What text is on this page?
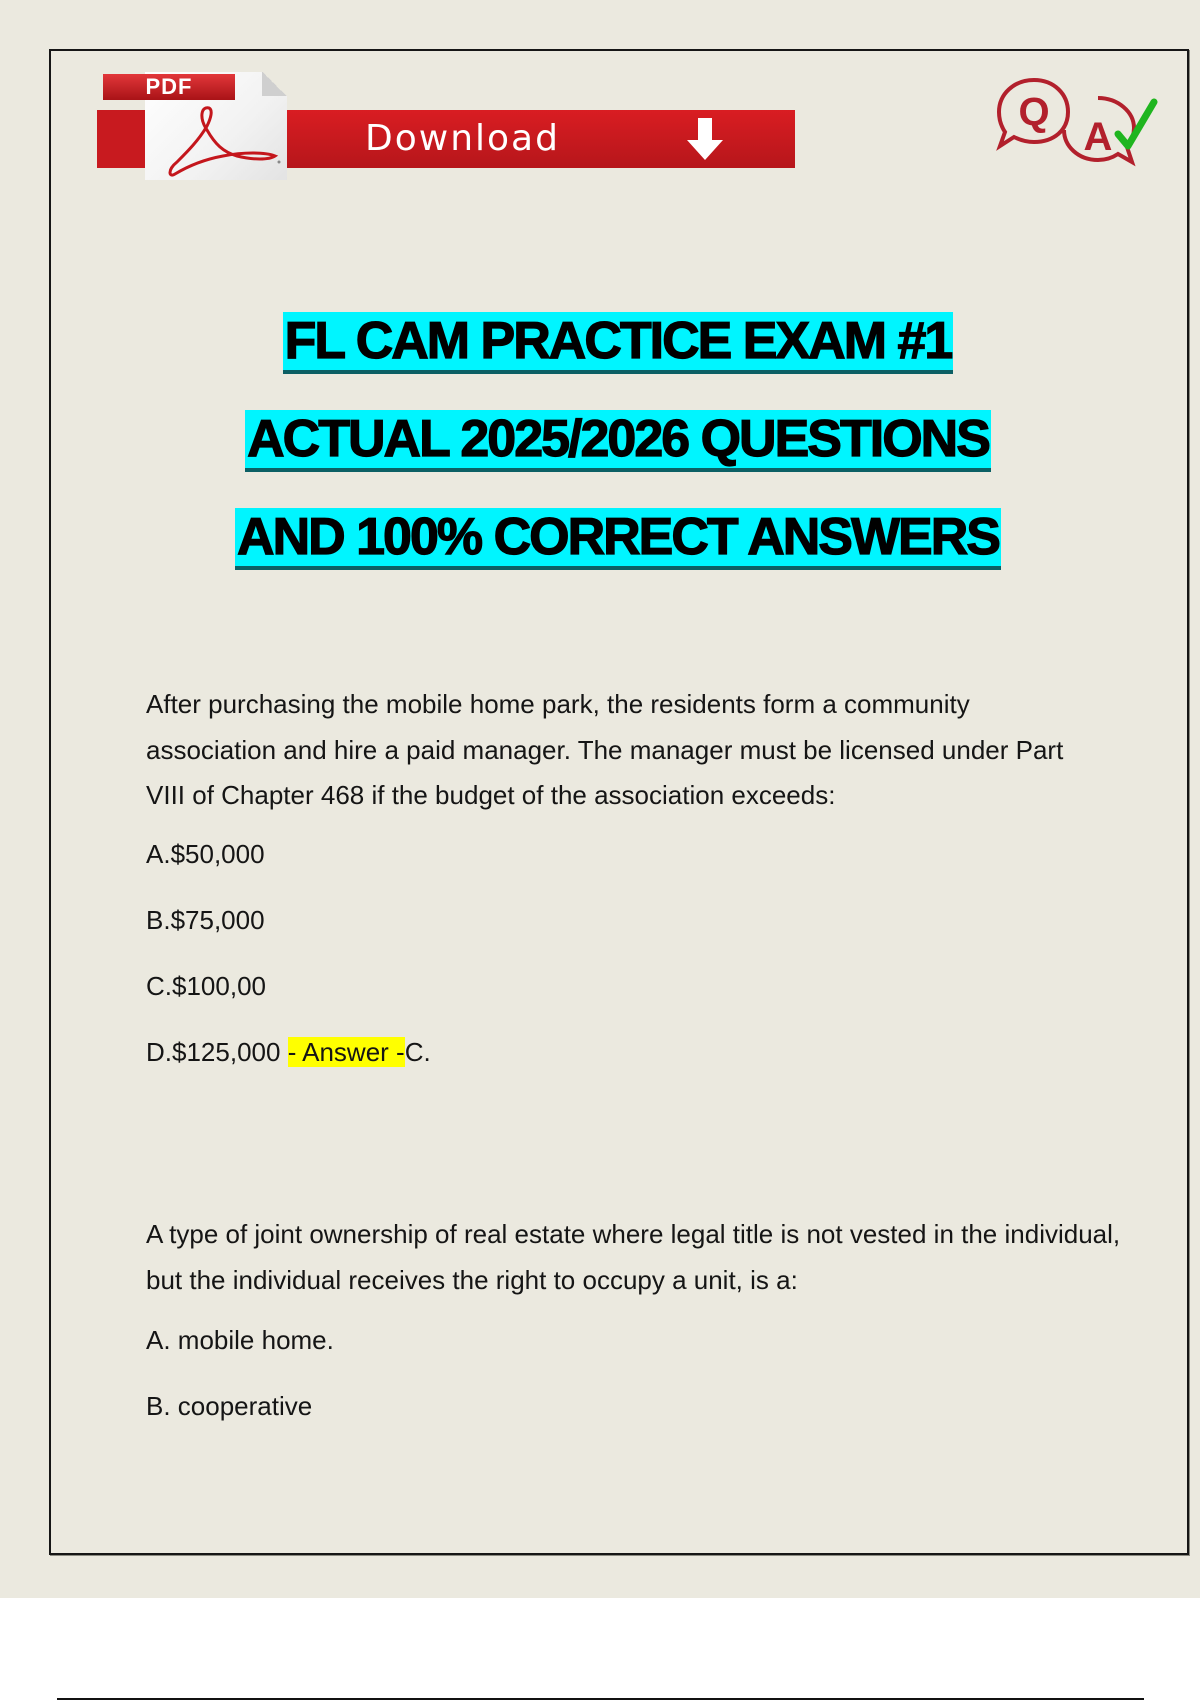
PDF
Download
Q
A
FL CAM PRACTICE EXAM #1
ACTUAL 2025/2026 QUESTIONS
AND 100% CORRECT ANSWERS

After purchasing the mobile home park, the residents form a community association and hire a paid manager. The manager must be licensed under Part VIII of Chapter 468 if the budget of the association exceeds:

A.$50,000

B.$75,000

C.$100,00

D.$125,000 - Answer -C.

A type of joint ownership of real estate where legal title is not vested in the individual, but the individual receives the right to occupy a unit, is a:

A. mobile home.

B. cooperative
